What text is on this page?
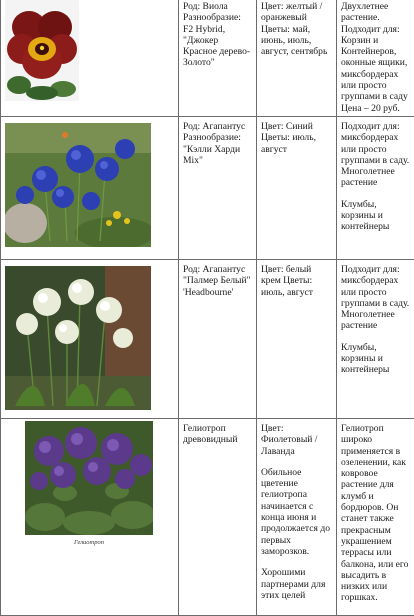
	Род: Виола Разнообразие: F2 Hybrid, "Джокер Красное дерево-Золото"	Цвет: желтый / оранжевый Цветы: май, июнь, июль, август, сентябрь	Двухлетнее растение. Подходит для: Корзин и Контейнеров, оконные ящики, миксбордерах или просто группами в саду Цена – 20 руб.

	Род: Агапантус Разнообразие: "Кэлли Харди Mix"	Цвет: Синий Цветы: июль, август	Подходит для: миксбордерах или просто группами в саду. Многолетнее растение
Клумбы, корзины и контейнеры

	Род: Агапантус "Палмер Белый" 'Headbourne'	Цвет: белый крем Цветы: июль, август	Подходит для: миксбордерах или просто группами в саду. Многолетнее растение
Клумбы, корзины и контейнеры

Гелиотроп	Гелиотроп древовидный	Цвет: Фиолетовый / Лаванда
Обильное цветение гелиотропа начинается с конца июня и продолжается до первых заморозков.
Хорошими партнерами для этих целей	Гелиотроп широко применяется в озеленении, как ковровое растение для клумб и бордюров. Он станет также прекрасным украшением террасы или балкона, или его высадить в низких или горшках.
